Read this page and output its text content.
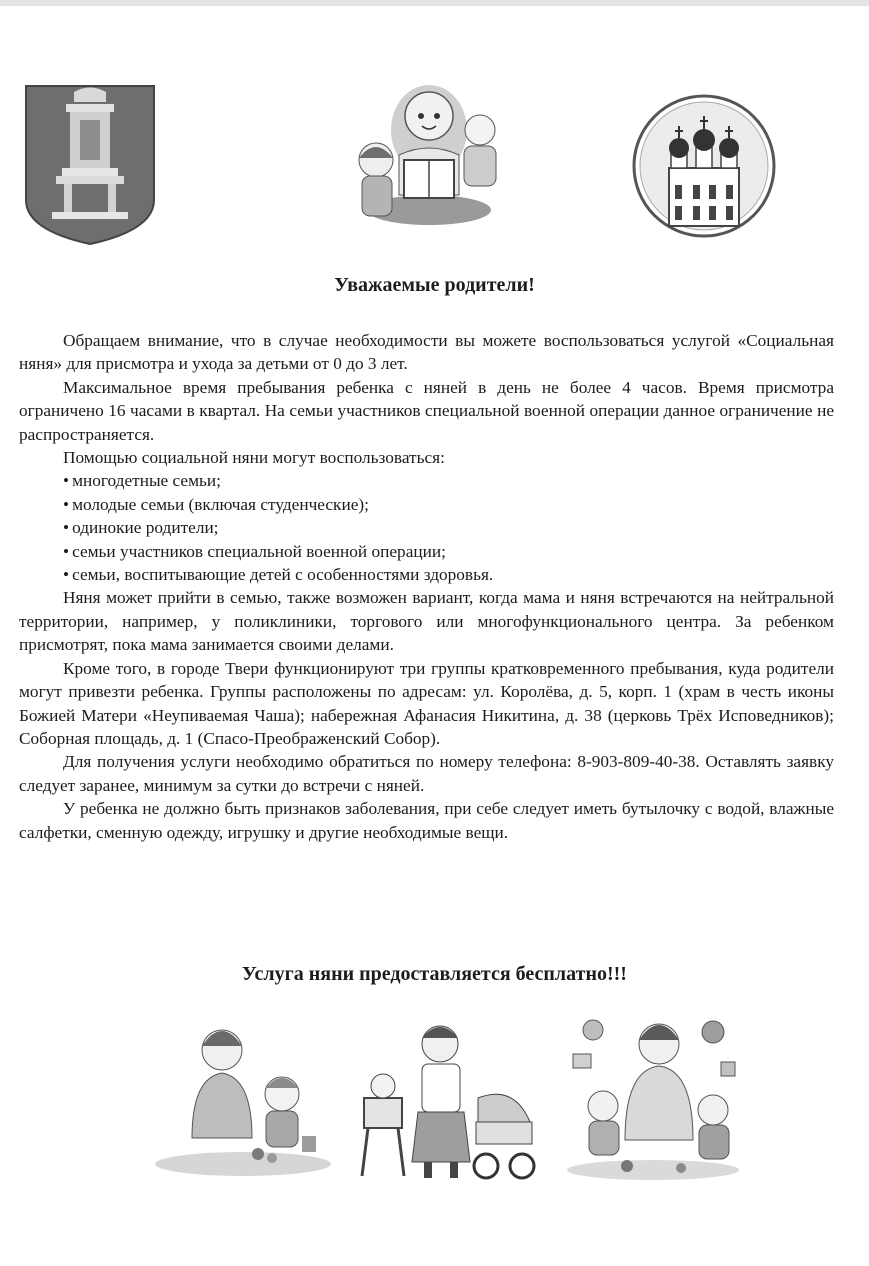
Уважаемые родители!

Обращаем внимание, что в случае необходимости вы можете воспользоваться услугой «Социальная няня» для присмотра и ухода за детьми от 0 до 3 лет.

Максимальное время пребывания ребенка с няней в день не более 4 часов. Время присмотра ограничено 16 часами в квартал. На семьи участников специальной военной операции данное ограничение не распространяется.

Помощью социальной няни могут воспользоваться:

• многодетные семьи;
• молодые семьи (включая студенческие);
• одинокие родители;
• семьи участников специальной военной операции;
• семьи, воспитывающие детей с особенностями здоровья.

Няня может прийти в семью, также возможен вариант, когда мама и няня встречаются на нейтральной территории, например, у поликлиники, торгового или многофункционального центра. За ребенком присмотрят, пока мама занимается своими делами.

Кроме того, в городе Твери функционируют три группы кратковременного пребывания, куда родители могут привезти ребенка. Группы расположены по адресам: ул. Королёва, д. 5, корп. 1 (храм в честь иконы Божией Матери «Неупиваемая Чаша); набережная Афанасия Никитина, д. 38 (церковь Трёх Исповедников); Соборная площадь, д. 1 (Спасо-Преображенский Собор).

Для получения услуги необходимо обратиться по номеру телефона: 8-903-809-40-38. Оставлять заявку следует заранее, минимум за сутки до встречи с няней.

У ребенка не должно быть признаков заболевания, при себе следует иметь бутылочку с водой, влажные салфетки, сменную одежду, игрушку и другие необходимые вещи.

Услуга няни предоставляется бесплатно!!!
